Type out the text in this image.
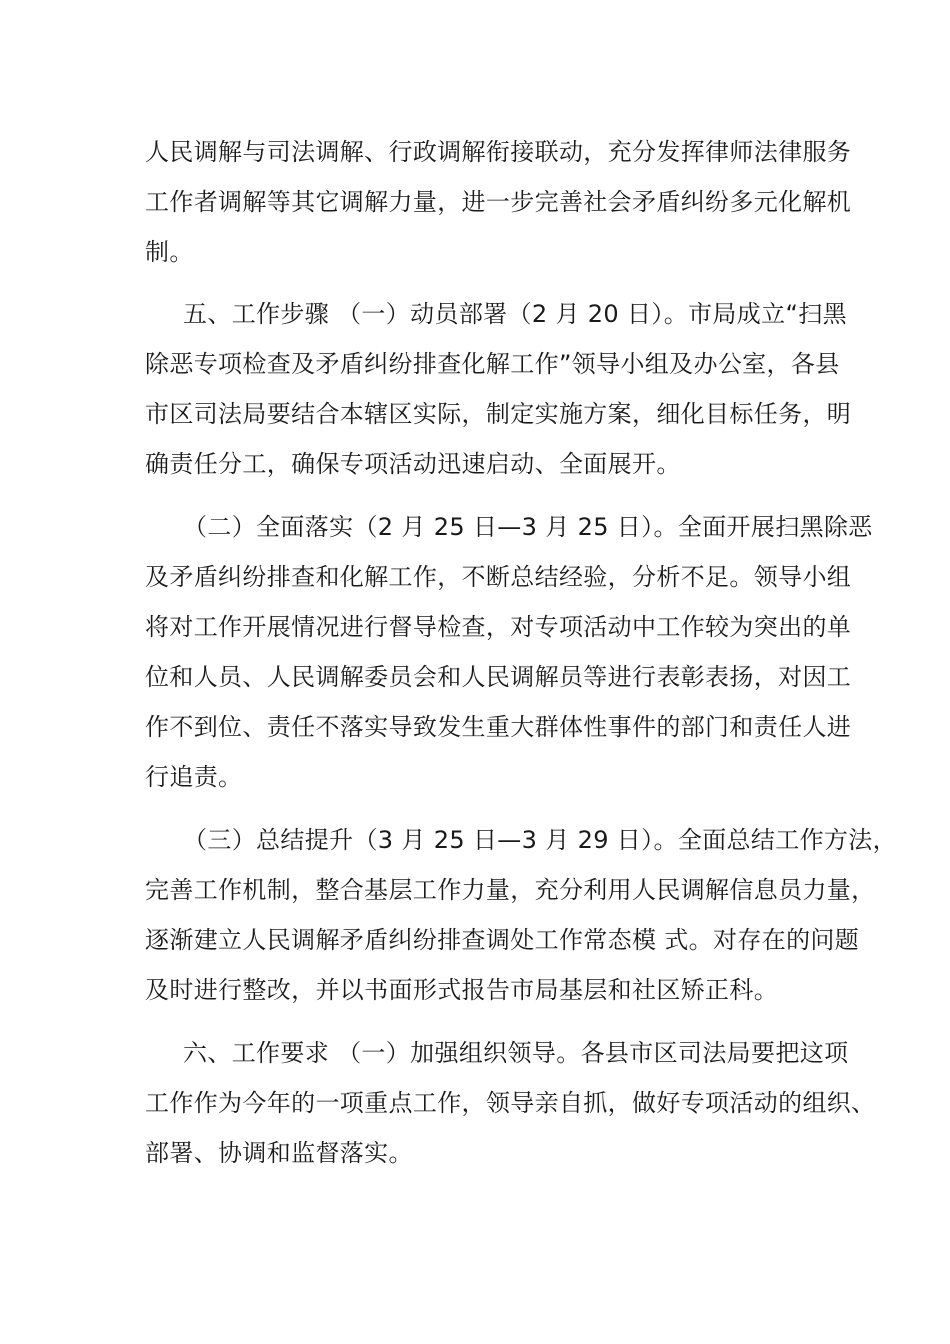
人民调解与司法调解、行政调解衔接联动，充分发挥律师法律服务
工作者调解等其它调解力量，进一步完善社会矛盾纠纷多元化解机
制。
五、工作步骤 （一）动员部署（2 月 20 日）。市局成立“扫黑
除恶专项检查及矛盾纠纷排查化解工作”领导小组及办公室，各县
市区司法局要结合本辖区实际，制定实施方案，细化目标任务，明
确责任分工，确保专项活动迅速启动、全面展开。
（二）全面落实（2 月 25 日—3 月 25 日）。全面开展扫黑除恶
及矛盾纠纷排查和化解工作，不断总结经验，分析不足。领导小组
将对工作开展情况进行督导检查，对专项活动中工作较为突出的单
位和人员、人民调解委员会和人民调解员等进行表彰表扬，对因工
作不到位、责任不落实导致发生重大群体性事件的部门和责任人进
行追责。
（三）总结提升（3 月 25 日—3 月 29 日）。全面总结工作方法，
完善工作机制，整合基层工作力量，充分利用人民调解信息员力量，
逐渐建立人民调解矛盾纠纷排查调处工作常态模 式。对存在的问题
及时进行整改，并以书面形式报告市局基层和社区矫正科。
六、工作要求 （一）加强组织领导。各县市区司法局要把这项
工作作为今年的一项重点工作，领导亲自抓，做好专项活动的组织、
部署、协调和监督落实。
